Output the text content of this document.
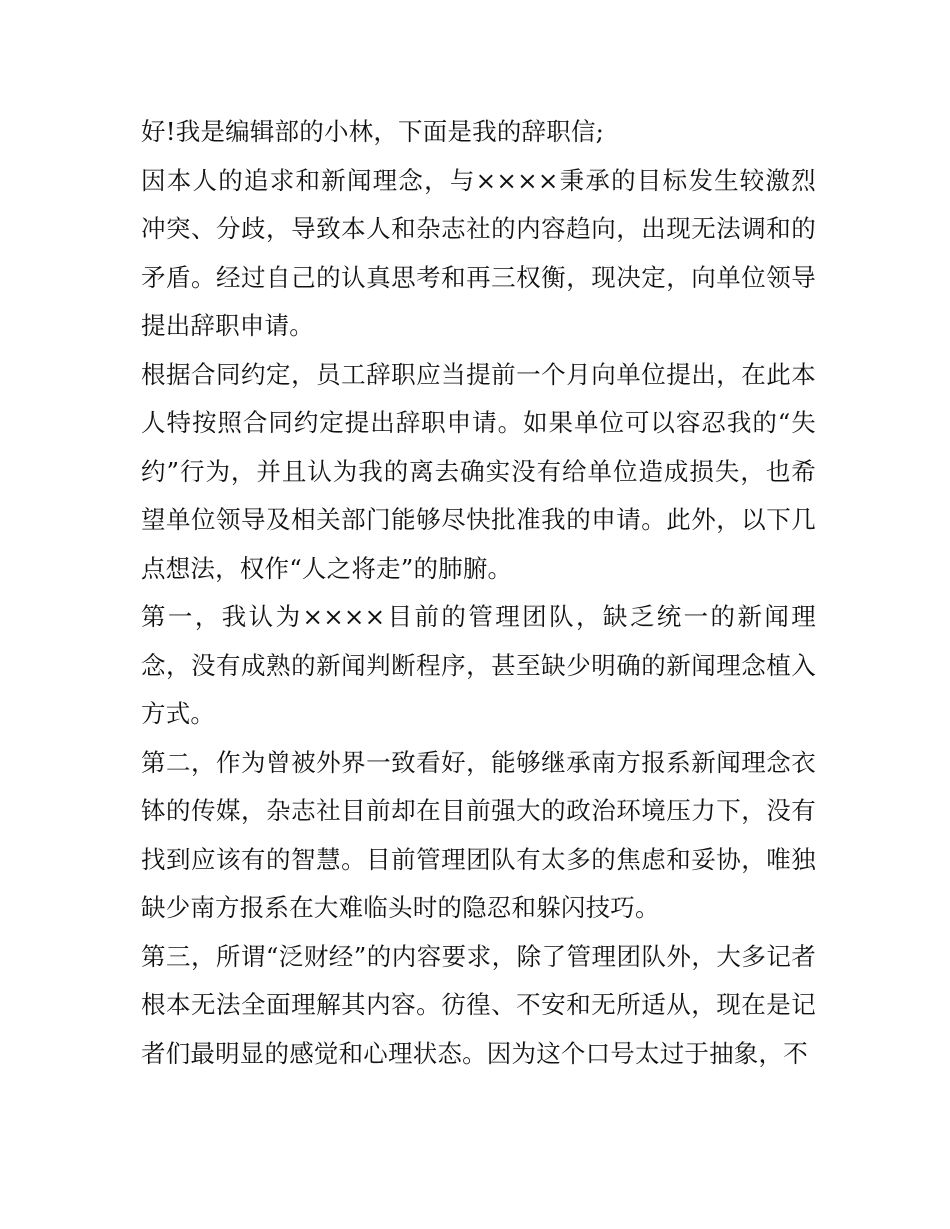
好!我是编辑部的小林，下面是我的辞职信;

因本人的追求和新闻理念，与××××秉承的目标发生较激烈冲突、分歧，导致本人和杂志社的内容趋向，出现无法调和的矛盾。经过自己的认真思考和再三权衡，现决定，向单位领导提出辞职申请。

根据合同约定，员工辞职应当提前一个月向单位提出，在此本人特按照合同约定提出辞职申请。如果单位可以容忍我的“失约”行为，并且认为我的离去确实没有给单位造成损失，也希望单位领导及相关部门能够尽快批准我的申请。此外，以下几点想法，权作“人之将走”的肺腑。

第一，我认为××××目前的管理团队，缺乏统一的新闻理念，没有成熟的新闻判断程序，甚至缺少明确的新闻理念植入方式。

第二，作为曾被外界一致看好，能够继承南方报系新闻理念衣钵的传媒，杂志社目前却在目前强大的政治环境压力下，没有找到应该有的智慧。目前管理团队有太多的焦虑和妥协，唯独缺少南方报系在大难临头时的隐忍和躲闪技巧。

第三，所谓“泛财经”的内容要求，除了管理团队外，大多记者根本无法全面理解其内容。彷徨、不安和无所适从，现在是记者们最明显的感觉和心理状态。因为这个口号太过于抽象，不
